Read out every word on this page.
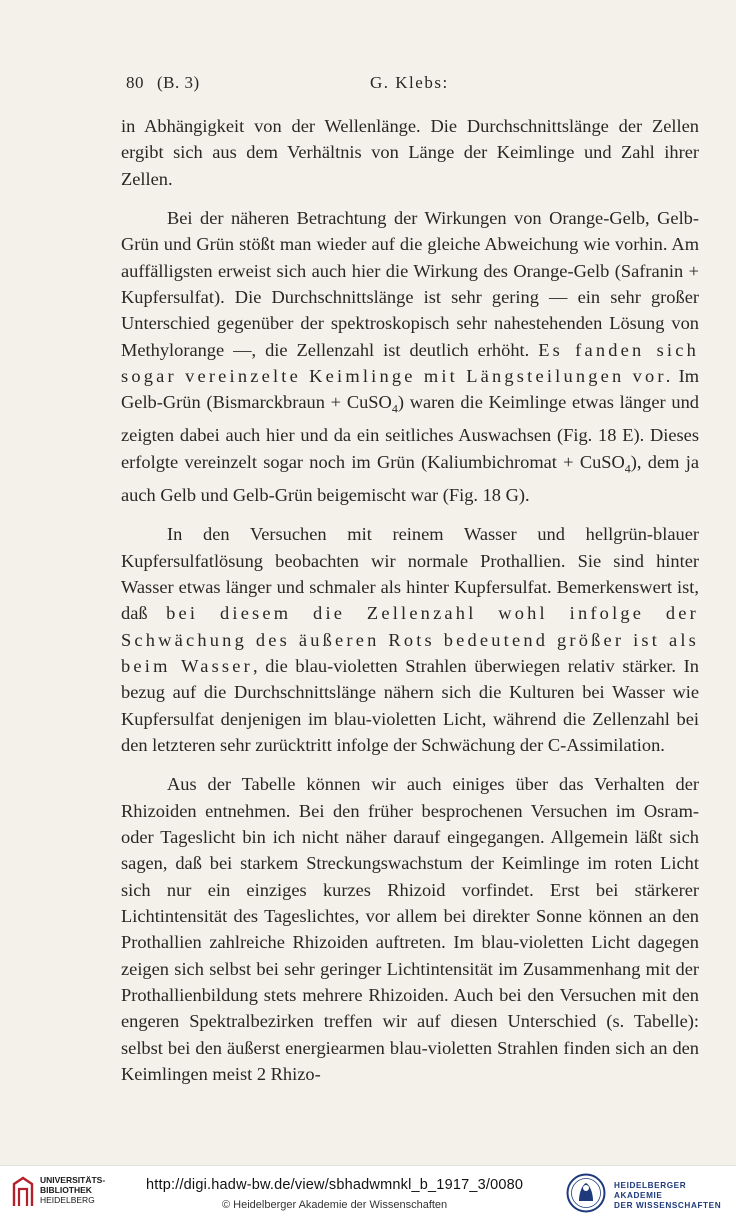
80 (B. 3)	G. Klebs:

in Abhängigkeit von der Wellenlänge. Die Durchschnittslänge der Zellen ergibt sich aus dem Verhältnis von Länge der Keimlinge und Zahl ihrer Zellen.

Bei der näheren Betrachtung der Wirkungen von Orange-Gelb, Gelb-Grün und Grün stößt man wieder auf die gleiche Abweichung wie vorhin. Am auffälligsten erweist sich auch hier die Wirkung des Orange-Gelb (Safranin + Kupfersulfat). Die Durchschnittslänge ist sehr gering — ein sehr großer Unterschied gegenüber der spektroskopisch sehr nahestehenden Lösung von Methylorange —, die Zellenzahl ist deutlich erhöht. Es fanden sich sogar vereinzelte Keimlinge mit Längsteilungen vor. Im Gelb-Grün (Bismarckbraun + CuSO$_4$) waren die Keimlinge etwas länger und zeigten dabei auch hier und da ein seitliches Auswachsen (Fig. 18 E). Dieses erfolgte vereinzelt sogar noch im Grün (Kaliumbichromat + CuSO$_4$), dem ja auch Gelb und Gelb-Grün beigemischt war (Fig. 18 G).

In den Versuchen mit reinem Wasser und hellgrün-blauer Kupfersulfatlösung beobachten wir normale Prothallien. Sie sind hinter Wasser etwas länger und schmaler als hinter Kupfersulfat. Bemerkenswert ist, daß bei diesem die Zellenzahl wohl infolge der Schwächung des äußeren Rots bedeutend größer ist als beim Wasser, die blau-violetten Strahlen überwiegen relativ stärker. In bezug auf die Durchschnittslänge nähern sich die Kulturen bei Wasser wie Kupfersulfat denjenigen im blau-violetten Licht, während die Zellenzahl bei den letzteren sehr zurücktritt infolge der Schwächung der C-Assimilation.

Aus der Tabelle können wir auch einiges über das Verhalten der Rhizoiden entnehmen. Bei den früher besprochenen Versuchen im Osram- oder Tageslicht bin ich nicht näher darauf eingegangen. Allgemein läßt sich sagen, daß bei starkem Streckungswachstum der Keimlinge im roten Licht sich nur ein einziges kurzes Rhizoid vorfindet. Erst bei stärkerer Lichtintensität des Tageslichtes, vor allem bei direkter Sonne können an den Prothallien zahlreiche Rhizoiden auftreten. Im blau-violetten Licht dagegen zeigen sich selbst bei sehr geringer Lichtintensität im Zusammenhang mit der Prothallienbildung stets mehrere Rhizoiden. Auch bei den Versuchen mit den engeren Spektralbezirken treffen wir auf diesen Unterschied (s. Tabelle): selbst bei den äußerst energiearmen blau-violetten Strahlen finden sich an den Keimlingen meist 2 Rhizo-

UNIVERSITÄTS-
BIBLIOTHEK
HEIDELBERG
http://digi.hadw-bw.de/view/sbhadwmnkl_b_1917_3/0080
© Heidelberger Akademie der Wissenschaften
HEIDELBERGER AKADEMIE
DER WISSENSCHAFTEN
